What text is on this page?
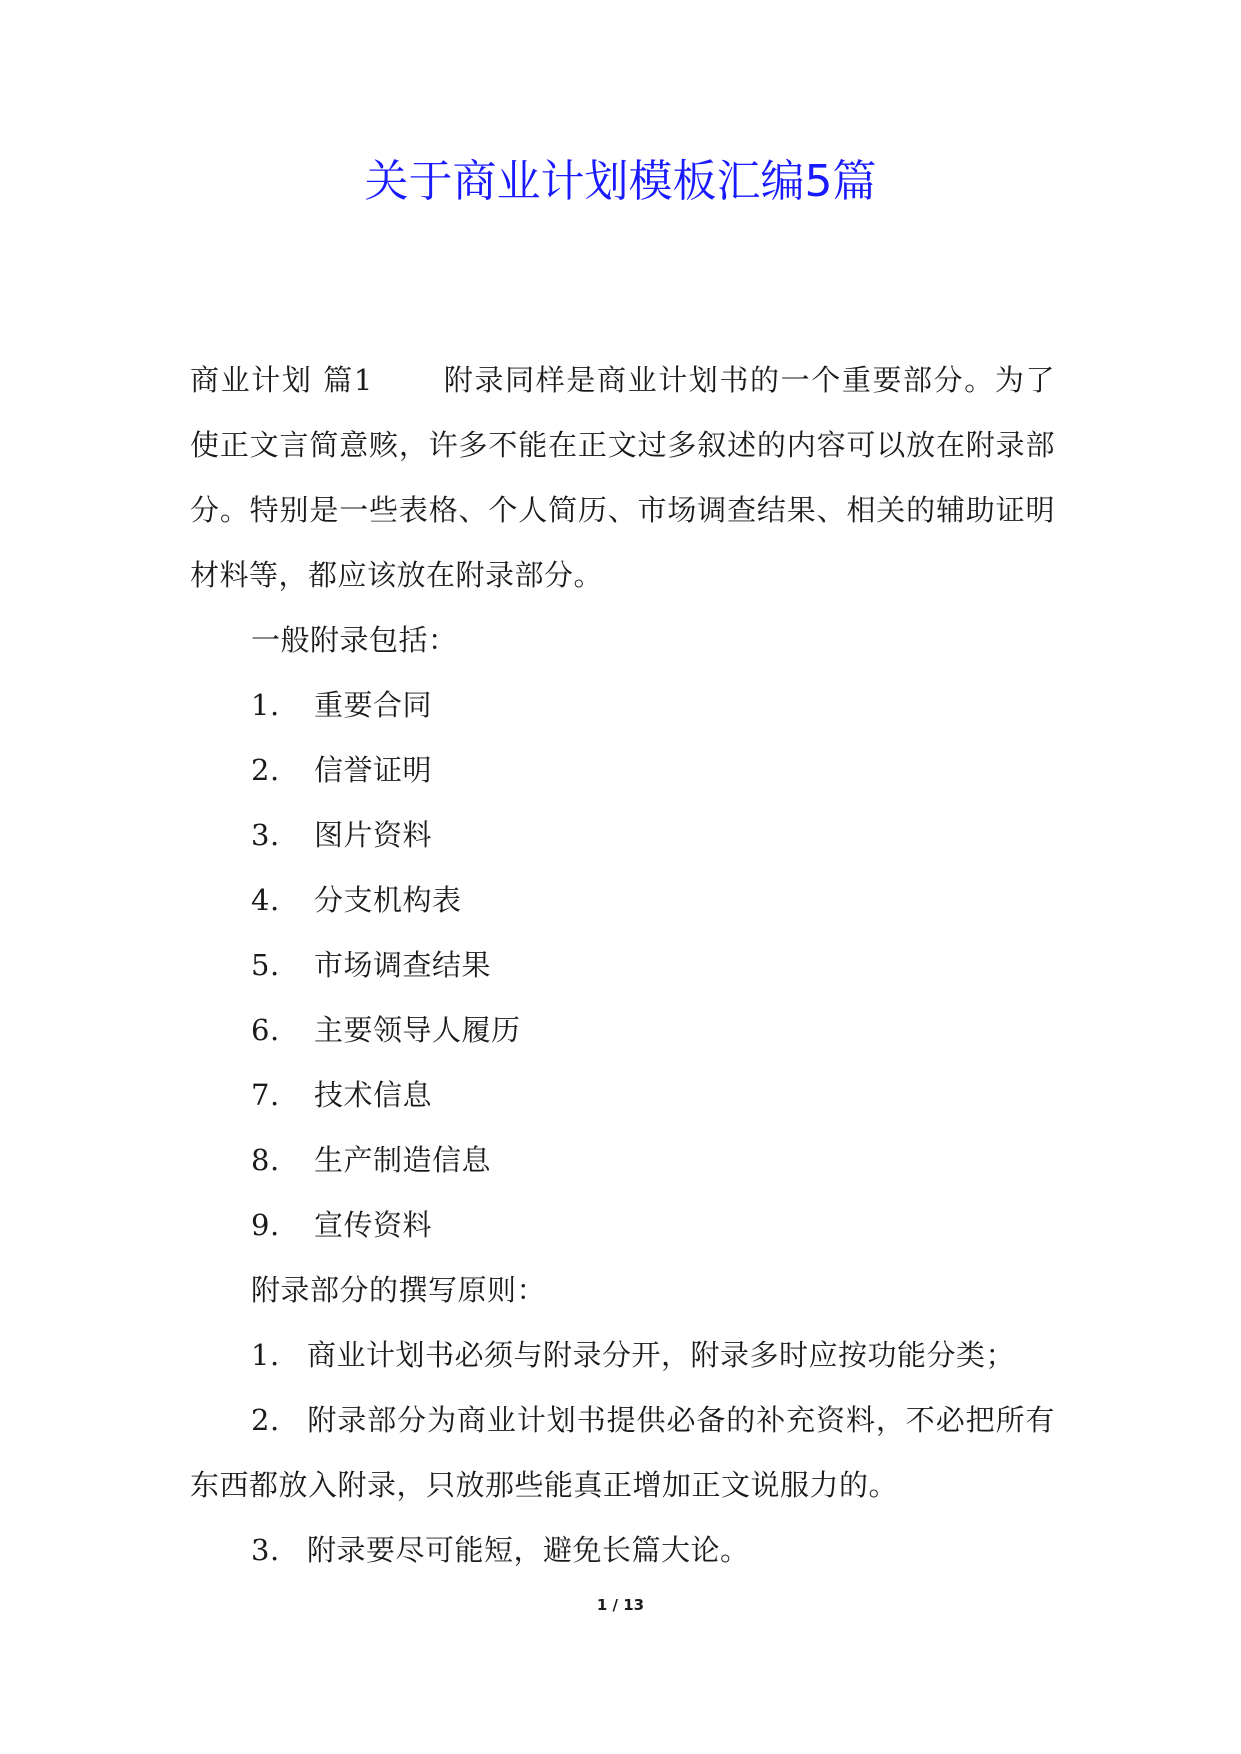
关于商业计划模板汇编5篇

商业计划 篇1 附录同样是商业计划书的一个重要部分。为了使正文言简意赅，许多不能在正文过多叙述的内容可以放在附录部分。特别是一些表格、个人简历、市场调查结果、相关的辅助证明材料等，都应该放在附录部分。

一般附录包括：

1. 重要合同
2. 信誉证明
3. 图片资料
4. 分支机构表
5. 市场调查结果
6. 主要领导人履历
7. 技术信息
8. 生产制造信息
9. 宣传资料

附录部分的撰写原则：

1. 商业计划书必须与附录分开，附录多时应按功能分类；

2. 附录部分为商业计划书提供必备的补充资料，不必把所有东西都放入附录，只放那些能真正增加正文说服力的。

3. 附录要尽可能短，避免长篇大论。

1 / 13
